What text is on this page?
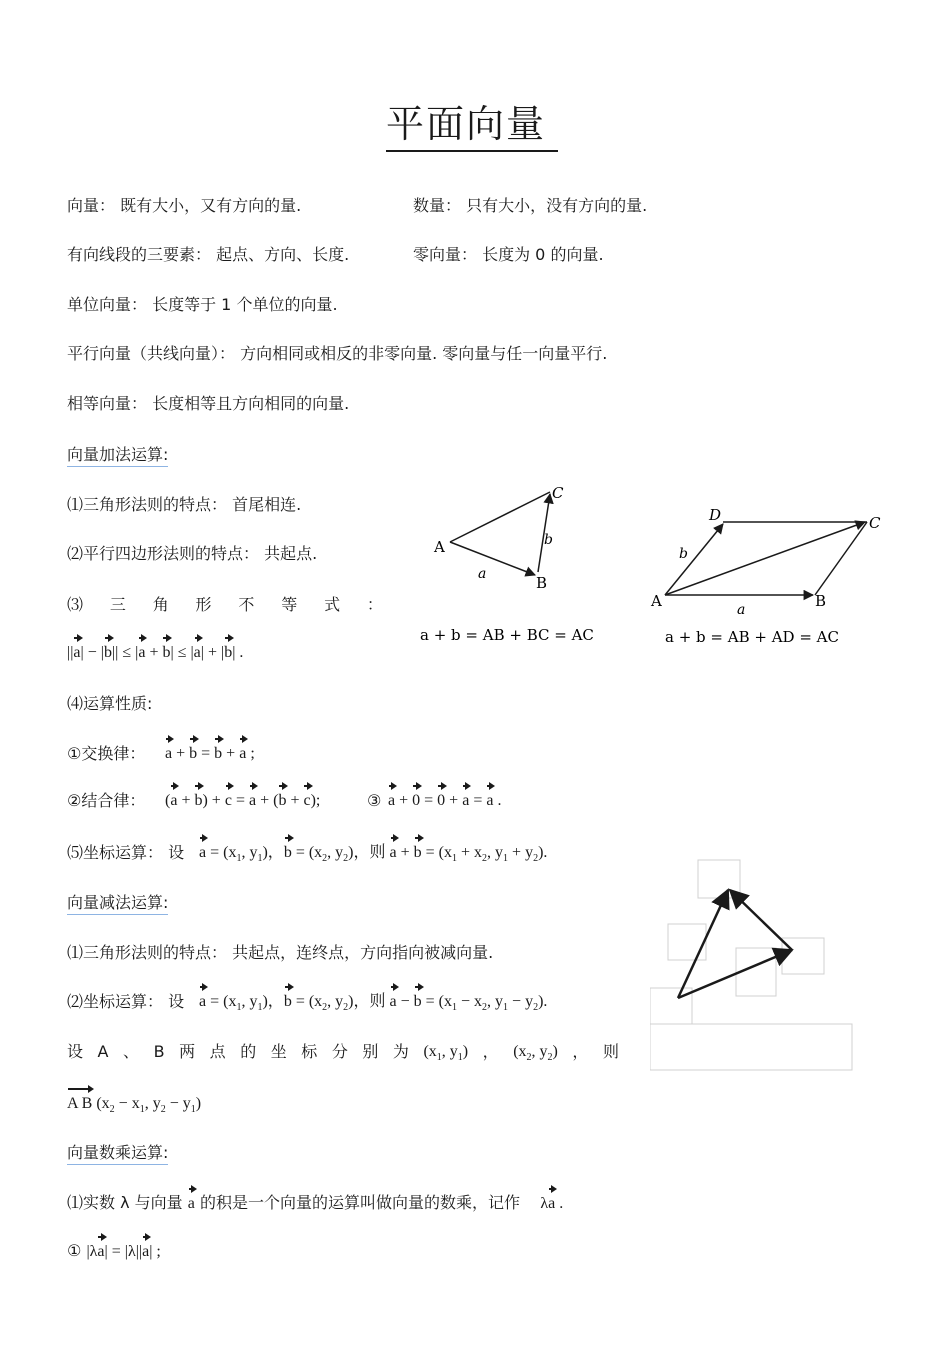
平面向量
向量： 既有大小，又有方向的量.	数量： 只有大小，没有方向的量.
有向线段的三要素： 起点、方向、长度.	零向量： 长度为 0 的向量.
单位向量： 长度等于 1 个单位的向量.
平行向量（共线向量）： 方向相同或相反的非零向量. 零向量与任一向量平行.
相等向量： 长度相等且方向相同的向量.
向量加法运算:
⑴三角形法则的特点： 首尾相连.
⑵平行四边形法则的特点： 共起点.
⑶ 三 角 形 不 等 式 ：
||a| − |b|| ≤ |a + b| ≤ |a| + |b| .
⑷运算性质:
①交换律： a + b = b + a ;
②结合律： (a + b) + c = a + (b + c);	③ a + 0 = 0 + a = a .
⑸坐标运算： 设 $a = (x_1$, $y_1$)，$b = (x_2$, $y_2$)，则 $a + b = (x_1 + x_2$, $y_1 + y_2$).
向量减法运算:
⑴三角形法则的特点： 共起点，连终点，方向指向被减向量.
⑵坐标运算： 设 $a = (x_1$, $y_1$)，$b = (x_2$, $y_2$)，则 $a - b = (x_1 - x_2$, $y_1 - y_2$).
设 A 、 B 两 点 的 坐 标 分 别 为 ($x_1$, $y_1$) ， ($x_2$, $y_2$) ， 则
A B ($x_2 - x_1$, $y_2 - y_1$)
向量数乘运算:
⑴实数 λ 与向量 a 的积是一个向量的运算叫做向量的数乘，记作 λa .
① |λa| = |λ||a| ;
A
B
C
a
b
a + b = AB + BC = AC
A	B
C
D
a
b
a + b = AB + AD = AC
